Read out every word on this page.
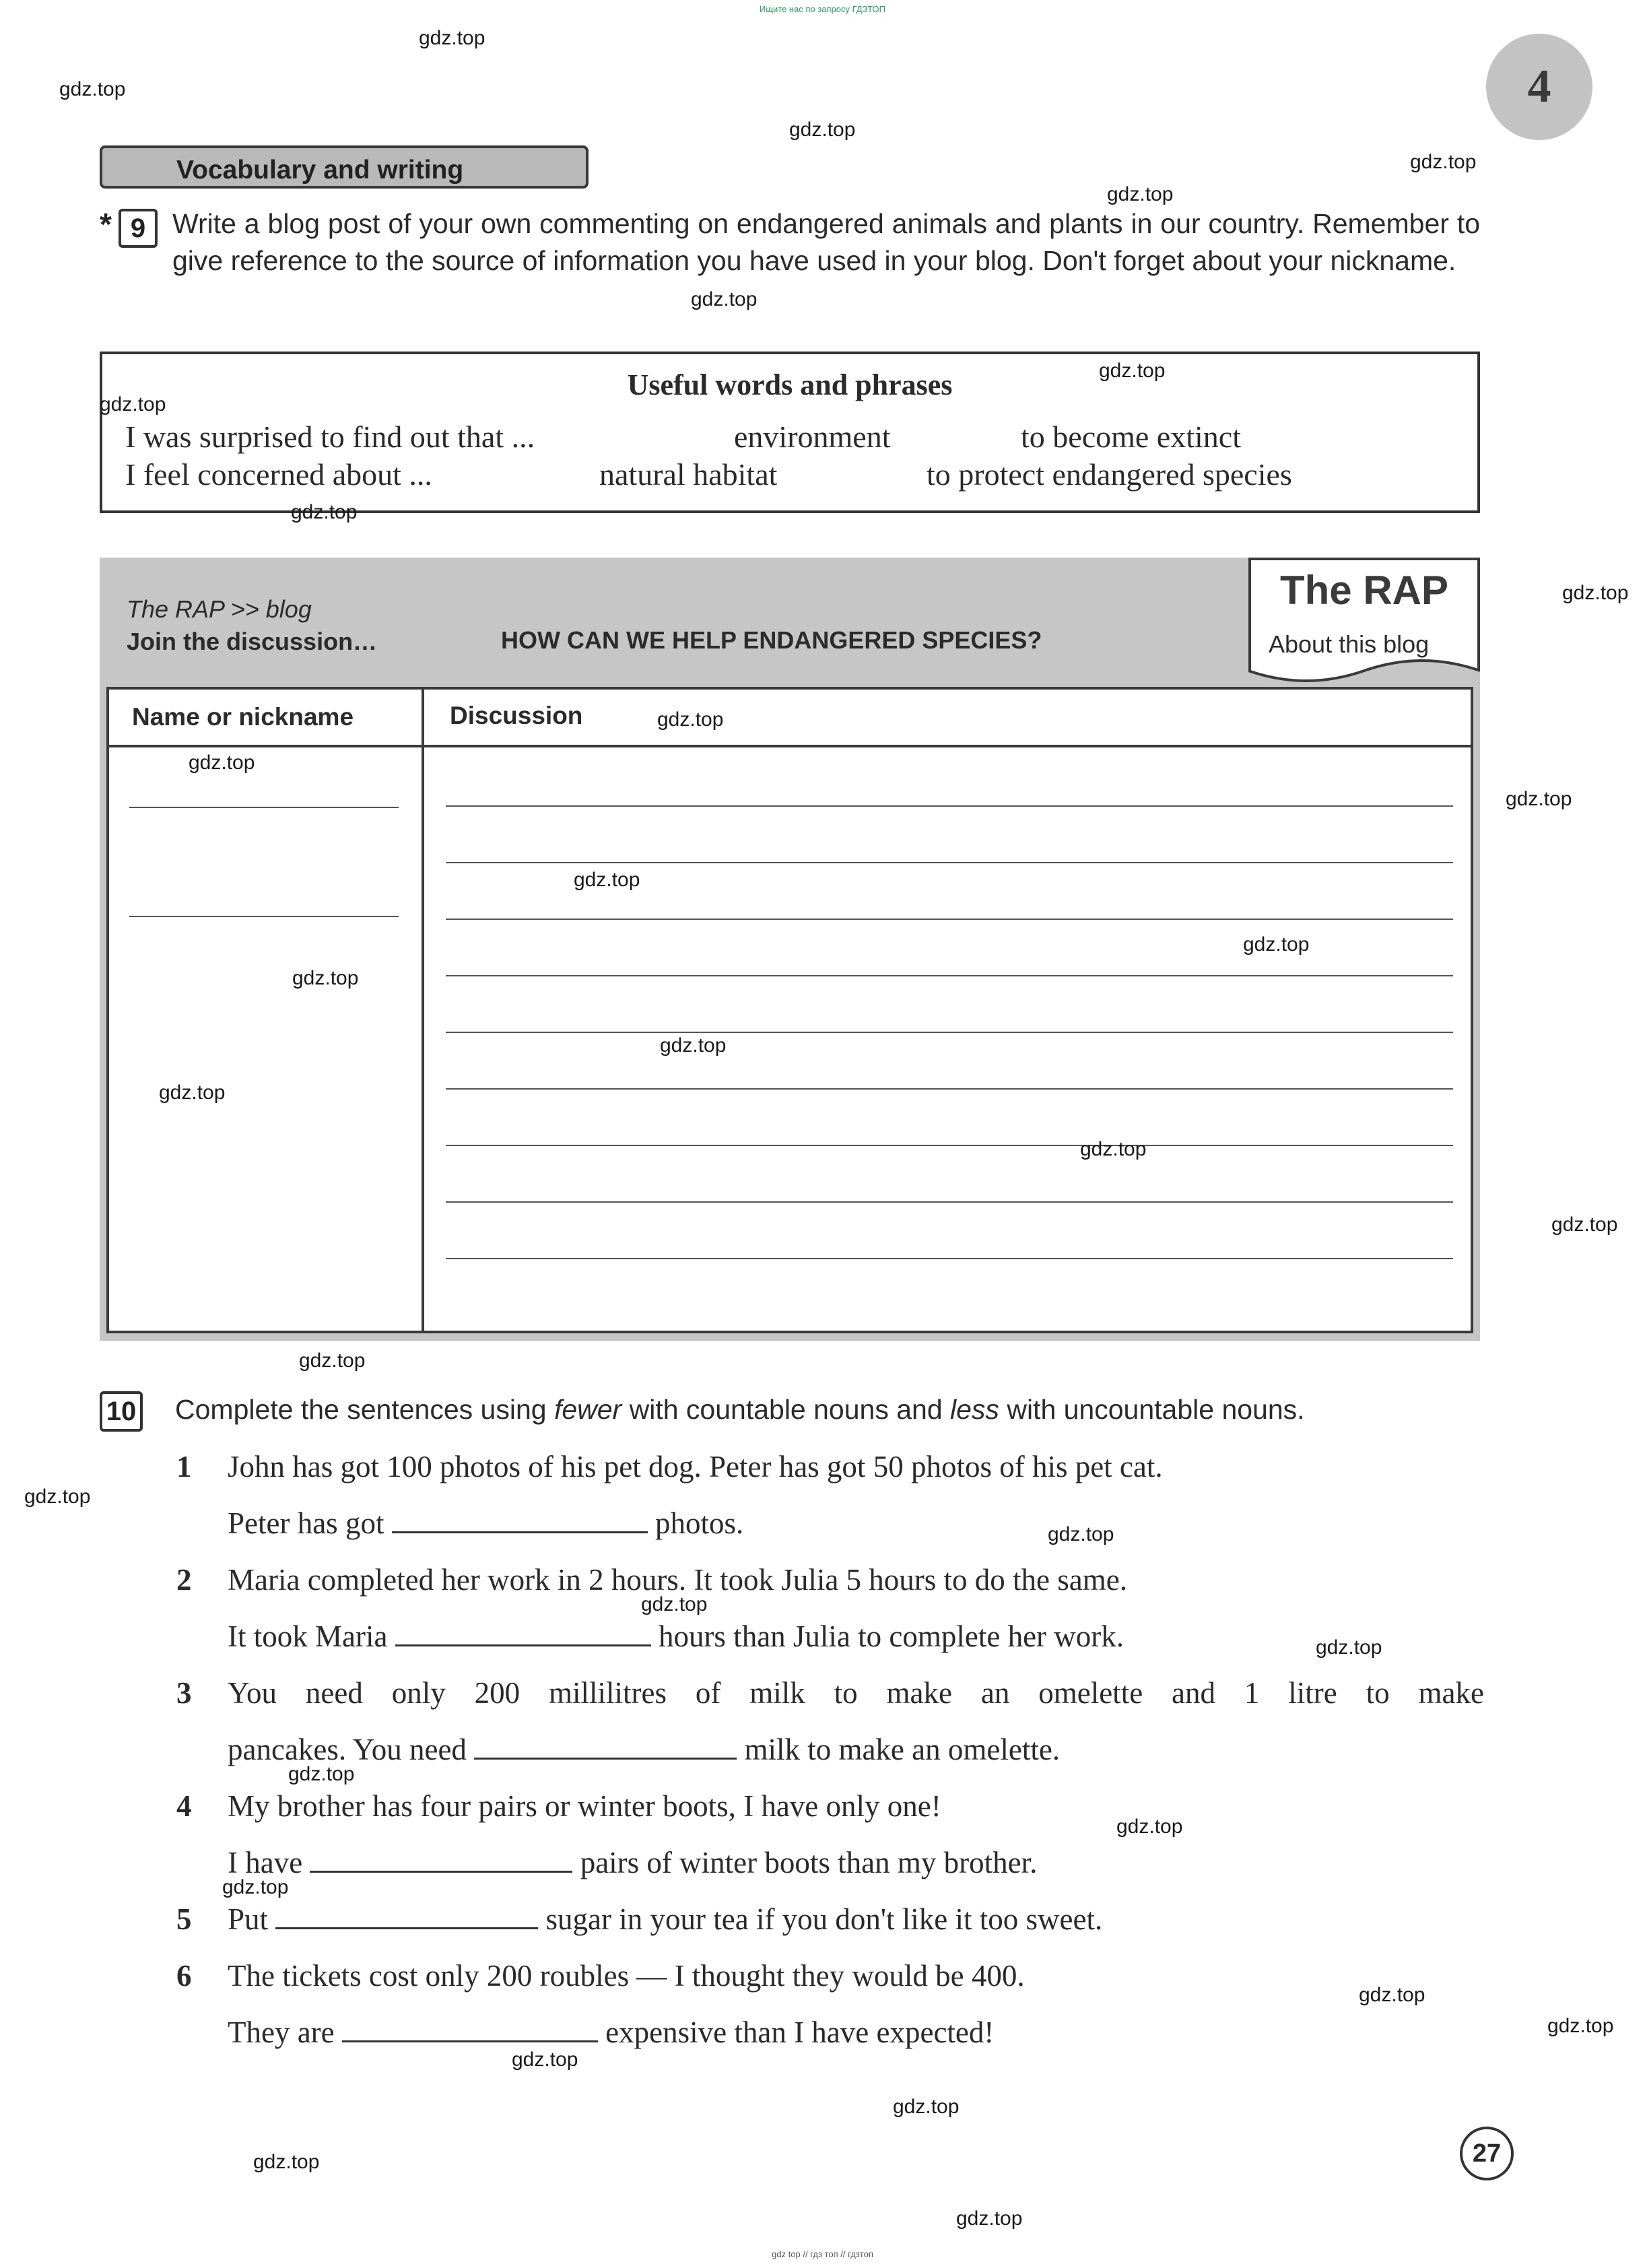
Ищите нас по запросу ГДЗТОП
4
Vocabulary and writing
* 9 Write a blog post of your own commenting on endangered animals and plants in our country. Remember to give reference to the source of information you have used in your blog. Don't forget about your nickname.
Useful words and phrases
I was surprised to find out that ...	environment	to become extinct
I feel concerned about ...	natural habitat	to protect endangered species
The RAP >> blog
Join the discussion…	HOW CAN WE HELP ENDANGERED SPECIES?
The RAP
About this blog
Name or nickname	Discussion
10 Complete the sentences using fewer with countable nouns and less with uncountable nouns.
1 John has got 100 photos of his pet dog. Peter has got 50 photos of his pet cat.
Peter has got	photos.
2 Maria completed her work in 2 hours. It took Julia 5 hours to do the same.
It took Maria	hours than Julia to complete her work.
3 You need only 200 millilitres of milk to make an omelette and 1 litre to make
pancakes. You need	milk to make an omelette.
4 My brother has four pairs or winter boots, I have only one!
I have	pairs of winter boots than my brother.
5 Put	sugar in your tea if you don't like it too sweet.
6 The tickets cost only 200 roubles — I thought they would be 400.
They are	expensive than I have expected!
27
gdz.top
gdz.top
gdz.top
gdz.top
gdz.top
gdz.top
gdz.top
gdz.top
gdz.top
gdz.top
gdz.top
gdz.top
gdz.top
gdz.top
gdz.top
gdz.top
gdz.top
gdz.top
gdz.top
gdz.top
gdz.top
gdz.top
gdz.top
gdz.top
gdz.top
gdz.top
gdz.top
gdz.top
gdz.top
gdz.top
gdz.top
gdz.top
gdz.top
gdz.top
gdz top // гдз топ // гдзтоп
